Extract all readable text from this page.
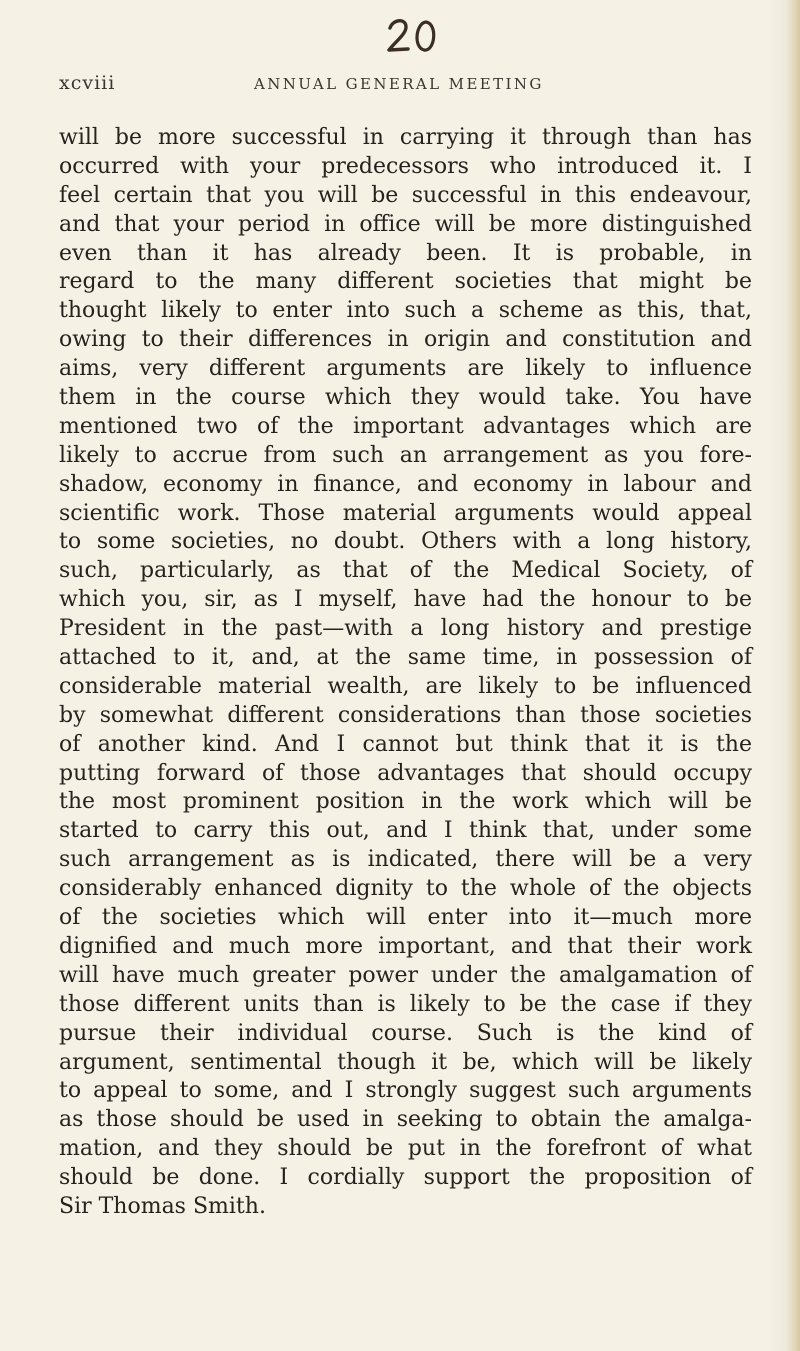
xcviii	ANNUAL GENERAL MEETING
will be more successful in carrying it through than has
occurred with your predecessors who introduced it. I
feel certain that you will be successful in this endeavour,
and that your period in office will be more distinguished
even than it has already been. It is probable, in
regard to the many different societies that might be
thought likely to enter into such a scheme as this, that,
owing to their differences in origin and constitution and
aims, very different arguments are likely to influence
them in the course which they would take. You have
mentioned two of the important advantages which are
likely to accrue from such an arrangement as you fore-
shadow, economy in finance, and economy in labour and
scientific work. Those material arguments would appeal
to some societies, no doubt. Others with a long history,
such, particularly, as that of the Medical Society, of
which you, sir, as I myself, have had the honour to be
President in the past—with a long history and prestige
attached to it, and, at the same time, in possession of
considerable material wealth, are likely to be influenced
by somewhat different considerations than those societies
of another kind. And I cannot but think that it is the
putting forward of those advantages that should occupy
the most prominent position in the work which will be
started to carry this out, and I think that, under some
such arrangement as is indicated, there will be a very
considerably enhanced dignity to the whole of the objects
of the societies which will enter into it—much more
dignified and much more important, and that their work
will have much greater power under the amalgamation of
those different units than is likely to be the case if they
pursue their individual course. Such is the kind of
argument, sentimental though it be, which will be likely
to appeal to some, and I strongly suggest such arguments
as those should be used in seeking to obtain the amalga-
mation, and they should be put in the forefront of what
should be done. I cordially support the proposition of
Sir Thomas Smith.
